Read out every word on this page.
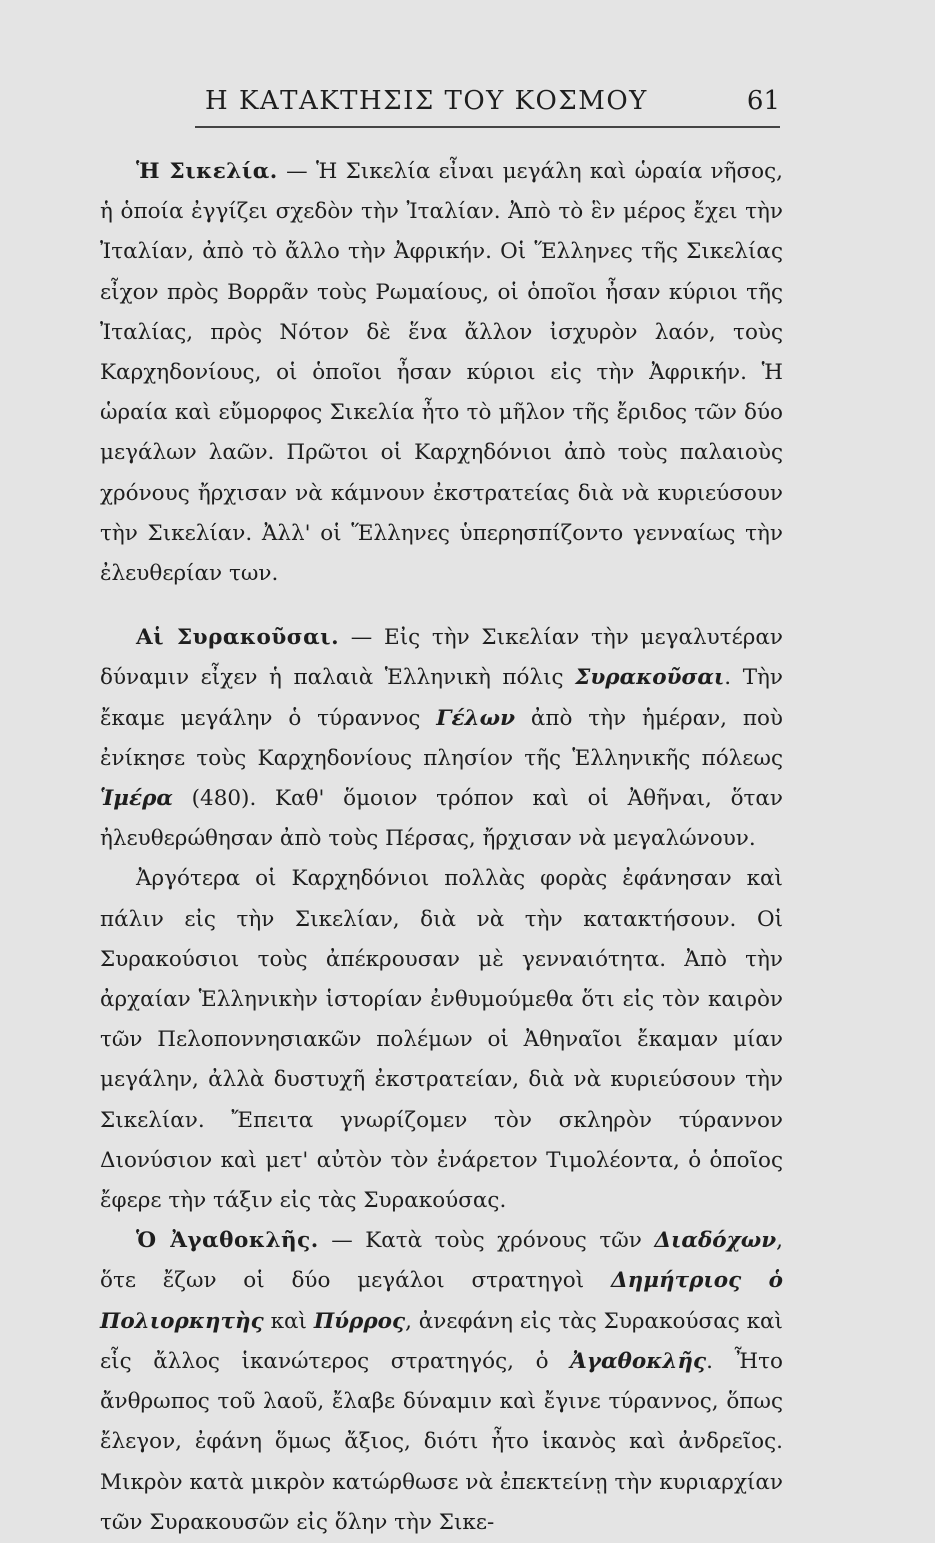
Η ΚΑΤΑΚΤΗΣΙΣ ΤΟΥ ΚΟΣΜΟΥ	61

Ἡ Σικελία. — Ἡ Σικελία εἶναι μεγάλη καὶ ὡραία νῆσος, ἡ ὁποία ἐγγίζει σχεδὸν τὴν Ἰταλίαν. Ἀπὸ τὸ ἓν μέρος ἔχει τὴν Ἰταλίαν, ἀπὸ τὸ ἄλλο τὴν Ἀφρικήν. Οἱ Ἕλληνες τῆς Σικελίας εἶχον πρὸς Βορρᾶν τοὺς Ρωμαίους, οἱ ὁποῖοι ἦσαν κύριοι τῆς Ἰταλίας, πρὸς Νότον δὲ ἕνα ἄλλον ἰσχυρὸν λαόν, τοὺς Καρχηδονίους, οἱ ὁποῖοι ἦσαν κύριοι εἰς τὴν Ἀφρικήν. Ἡ ὡραία καὶ εὔμορφος Σικελία ἦτο τὸ μῆλον τῆς ἔριδος τῶν δύο μεγάλων λαῶν. Πρῶτοι οἱ Καρχηδόνιοι ἀπὸ τοὺς παλαιοὺς χρόνους ἤρχισαν νὰ κάμνουν ἐκστρατείας διὰ νὰ κυριεύσουν τὴν Σικελίαν. Ἀλλ' οἱ Ἕλληνες ὑπερησπίζοντο γενναίως τὴν ἐλευθερίαν των.

Αἱ Συρακοῦσαι. — Εἰς τὴν Σικελίαν τὴν μεγαλυτέραν δύναμιν εἶχεν ἡ παλαιὰ Ἑλληνικὴ πόλις Συρακοῦσαι. Τὴν ἔκαμε μεγάλην ὁ τύραννος Γέλων ἀπὸ τὴν ἡμέραν, ποὺ ἐνίκησε τοὺς Καρχηδονίους πλησίον τῆς Ἑλληνικῆς πόλεως Ἱμέρα (480). Καθ' ὅμοιον τρόπον καὶ οἱ Ἀθῆναι, ὅταν ἠλευθερώθησαν ἀπὸ τοὺς Πέρσας, ἤρχισαν νὰ μεγαλώνουν.

Ἀργότερα οἱ Καρχηδόνιοι πολλὰς φορὰς ἐφάνησαν καὶ πάλιν εἰς τὴν Σικελίαν, διὰ νὰ τὴν κατακτήσουν. Οἱ Συρακούσιοι τοὺς ἀπέκρουσαν μὲ γενναιότητα. Ἀπὸ τὴν ἀρχαίαν Ἑλληνικὴν ἱστορίαν ἐνθυμούμεθα ὅτι εἰς τὸν καιρὸν τῶν Πελοποννησιακῶν πολέμων οἱ Ἀθηναῖοι ἔκαμαν μίαν μεγάλην, ἀλλὰ δυστυχῆ ἐκστρατείαν, διὰ νὰ κυριεύσουν τὴν Σικελίαν. Ἔπειτα γνωρίζομεν τὸν σκληρὸν τύραννον Διονύσιον καὶ μετ' αὐτὸν τὸν ἐνάρετον Τιμολέοντα, ὁ ὁποῖος ἔφερε τὴν τάξιν εἰς τὰς Συρακούσας.

Ὁ Ἀγαθοκλῆς. — Κατὰ τοὺς χρόνους τῶν Διαδόχων, ὅτε ἔζων οἱ δύο μεγάλοι στρατηγοὶ Δημήτριος ὁ Πολιορκητὴς καὶ Πύρρος, ἀνεφάνη εἰς τὰς Συρακούσας καὶ εἷς ἄλλος ἱκανώτερος στρατηγός, ὁ Ἀγαθοκλῆς. Ἦτο ἄνθρωπος τοῦ λαοῦ, ἔλαβε δύναμιν καὶ ἔγινε τύραννος, ὅπως ἔλεγον, ἐφάνη ὅμως ἄξιος, διότι ἦτο ἱκανὸς καὶ ἀνδρεῖος. Μικρὸν κατὰ μικρὸν κατώρθωσε νὰ ἐπεκτείνῃ τὴν κυριαρχίαν τῶν Συρακουσῶν εἰς ὅλην τὴν Σικε-
